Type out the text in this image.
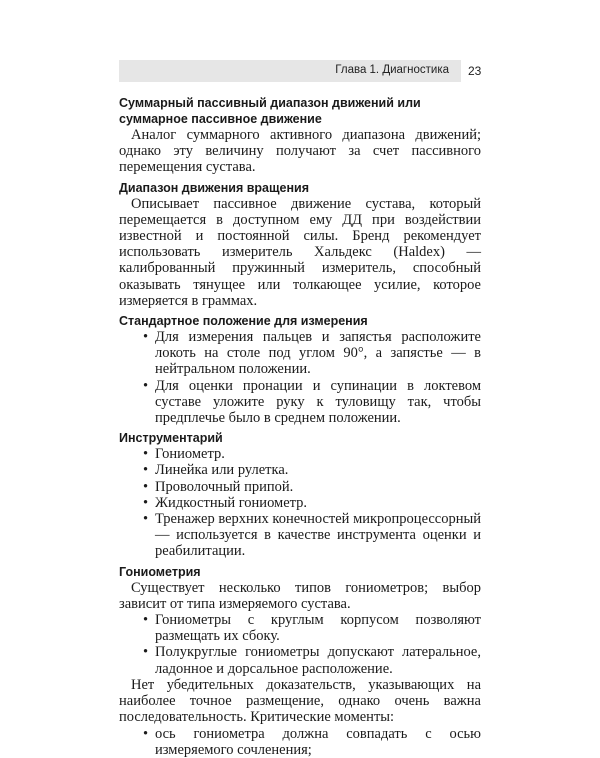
Глава 1. Диагностика 23
Суммарный пассивный диапазон движений или суммарное пассивное движение

Аналог суммарного активного диапазона движений; однако эту величину получают за счет пассивного перемещения сустава.

Диапазон движения вращения

Описывает пассивное движение сустава, который перемещается в доступном ему ДД при воздействии известной и постоянной силы. Бренд рекомендует использовать измеритель Хальдекс (Haldex) — калиброванный пружинный измеритель, способный оказывать тянущее или толкающее усилие, которое измеряется в граммах.

Стандартное положение для измерения
• Для измерения пальцев и запястья расположите локоть на столе под углом 90°, а запястье — в нейтральном положении.
• Для оценки пронации и супинации в локтевом суставе уложите руку к туловищу так, чтобы предплечье было в среднем положении.
Инструментарий
• Гониометр.
• Линейка или рулетка.
• Проволочный припой.
• Жидкостный гониометр.
• Тренажер верхних конечностей микропроцессорный — используется в качестве инструмента оценки и реабилитации.
Гониометрия

Существует несколько типов гониометров; выбор зависит от типа измеряемого сустава.

• Гониометры с круглым корпусом позволяют размещать их сбоку.
• Полукруглые гониометры допускают латеральное, ладонное и дорсальное расположение.

Нет убедительных доказательств, указывающих на наиболее точное размещение, однако очень важна последовательность. Критические моменты:

• ось гониометра должна совпадать с осью измеряемого сочленения;
